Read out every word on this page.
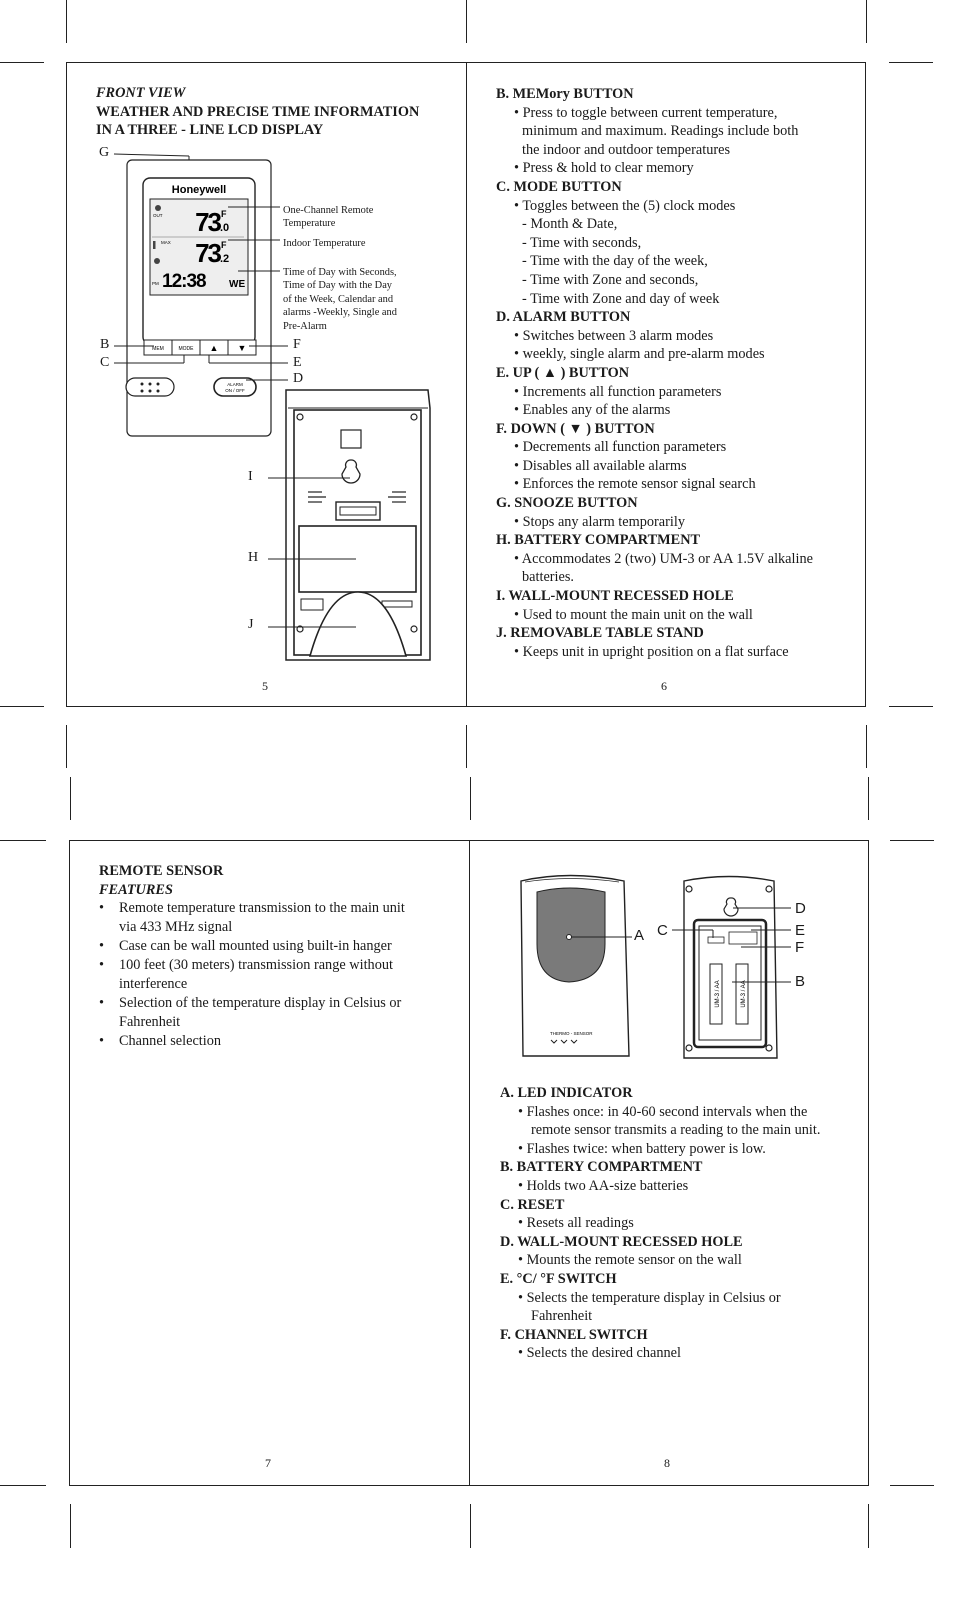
FRONT VIEW
WEATHER AND PRECISE TIME INFORMATION
IN A THREE - LINE LCD DISPLAY
Honeywell
OUT 73 F
.0
MAX 73 F
.2
PM 12:38 WE
MEM	MODE ▲ ▼
ALARM
ON / OFF
G
B
C
F
E
D
I
H
J
One-Channel Remote
Temperature
Indoor Temperature
Time of Day with Seconds,
Time of Day with the Day
of the Week, Calendar and
alarms -Weekly, Single and
Pre-Alarm
5
B. MEMory BUTTON
• Press to toggle between current temperature,
minimum and maximum. Readings include both
the indoor and outdoor temperatures
• Press & hold to clear memory
C. MODE BUTTON
• Toggles between the (5) clock modes
- Month & Date,
- Time with seconds,
- Time with the day of the week,
- Time with Zone and seconds,
- Time with Zone and day of week
D. ALARM BUTTON
• Switches between 3 alarm modes
• weekly, single alarm and pre-alarm modes
E. UP ( ▲ ) BUTTON
• Increments all function parameters
• Enables any of the alarms
F. DOWN ( ▼ ) BUTTON
• Decrements all function parameters
• Disables all available alarms
• Enforces the remote sensor signal search
G. SNOOZE BUTTON
• Stops any alarm temporarily
H. BATTERY COMPARTMENT
• Accommodates 2 (two) UM-3 or AA 1.5V alkaline
batteries.
I. WALL-MOUNT RECESSED HOLE
• Used to mount the main unit on the wall
J. REMOVABLE TABLE STAND
• Keeps unit in upright position on a flat surface
6
REMOTE SENSOR
FEATURES
•	Remote temperature transmission to the main unit
via 433 MHz signal
•	Case can be wall mounted using built-in hanger
•	100 feet (30 meters) transmission range without
interference
•	Selection of the temperature display in Celsius or
Fahrenheit
•	Channel selection
7
THERMO - SENSOR
UM-3 / AA	UM-3 / AA
A C
D
E
F
B
A. LED INDICATOR
• Flashes once: in 40-60 second intervals when the
remote sensor transmits a reading to the main unit.
• Flashes twice: when battery power is low.
B. BATTERY COMPARTMENT
• Holds two AA-size batteries
C. RESET
• Resets all readings
D. WALL-MOUNT RECESSED HOLE
• Mounts the remote sensor on the wall
E. °C/ °F SWITCH
• Selects the temperature display in Celsius or
Fahrenheit
F. CHANNEL SWITCH
• Selects the desired channel
8
